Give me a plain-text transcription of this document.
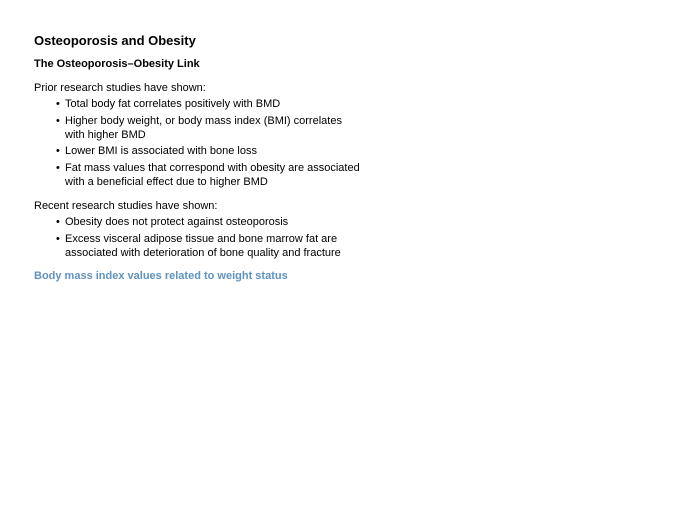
Osteoporosis and Obesity
The Osteoporosis–Obesity Link

Prior research studies have shown:

• Total body fat correlates positively with BMD
• Higher body weight, or body mass index (BMI) correlates with higher BMD
• Lower BMI is associated with bone loss
• Fat mass values that correspond with obesity are associated with a beneficial effect due to higher BMD

Recent research studies have shown:

• Obesity does not protect against osteoporosis
• Excess visceral adipose tissue and bone marrow fat are associated with deterioration of bone quality and fracture

Body mass index values related to weight status
